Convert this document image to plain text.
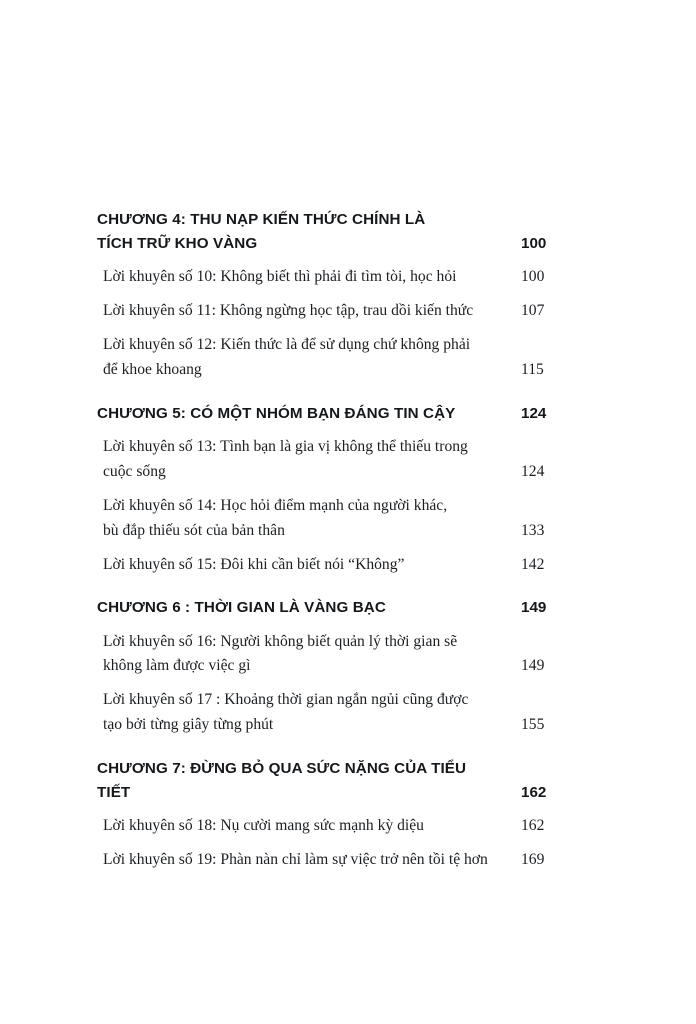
CHƯƠNG 4: THU NẠP KIẾN THỨC CHÍNH LÀ
TÍCH TRỮ KHO VÀNG	100
Lời khuyên số 10: Không biết thì phải đi tìm tòi, học hỏi	100
Lời khuyên số 11: Không ngừng học tập, trau dồi kiến thức	107
Lời khuyên số 12: Kiến thức là để sử dụng chứ không phải
để khoe khoang	115
CHƯƠNG 5: CÓ MỘT NHÓM BẠN ĐÁNG TIN CẬY	124
Lời khuyên số 13: Tình bạn là gia vị không thể thiếu trong
cuộc sống	124
Lời khuyên số 14: Học hỏi điểm mạnh của người khác,
bù đắp thiếu sót của bản thân	133
Lời khuyên số 15: Đôi khi cần biết nói “Không”	142
CHƯƠNG 6 : THỜI GIAN LÀ VÀNG BẠC	149
Lời khuyên số 16: Người không biết quản lý thời gian sẽ
không làm được việc gì	149
Lời khuyên số 17 : Khoảng thời gian ngắn ngủi cũng được
tạo bởi từng giây từng phút	155
CHƯƠNG 7: ĐỪNG BỎ QUA SỨC NẶNG CỦA TIỂU TIẾT	162
Lời khuyên số 18: Nụ cười mang sức mạnh kỳ diệu	162
Lời khuyên số 19: Phàn nàn chỉ làm sự việc trở nên tồi tệ hơn	169
